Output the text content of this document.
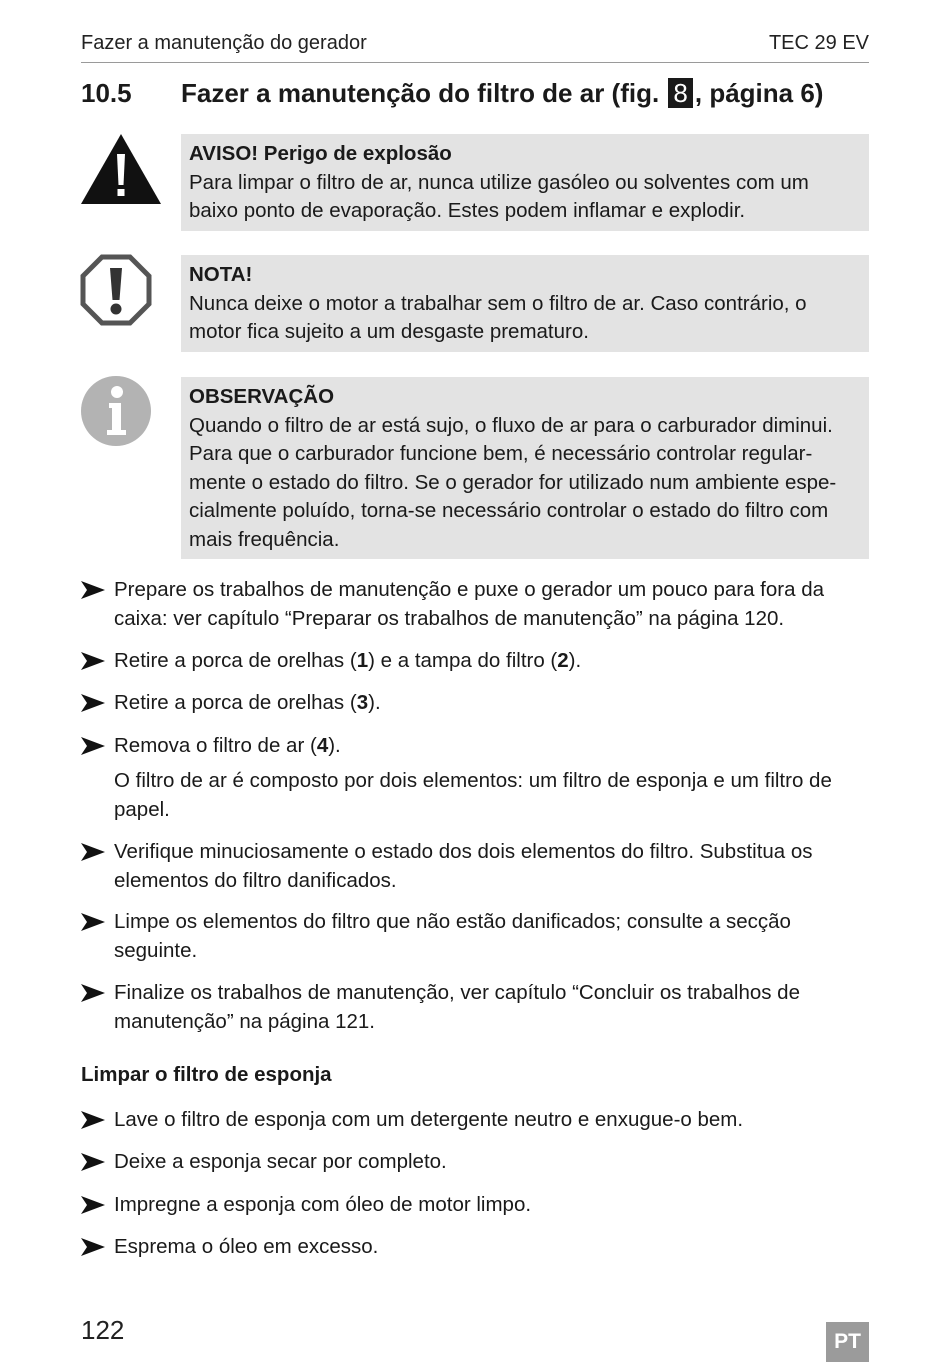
Fazer a manutenção do gerador	TEC 29 EV
10.5 Fazer a manutenção do filtro de ar (fig. 8 , página 6)
AVISO! Perigo de explosão
Para limpar o filtro de ar, nunca utilize gasóleo ou solventes com um
baixo ponto de evaporação. Estes podem inflamar e explodir.
NOTA!
Nunca deixe o motor a trabalhar sem o filtro de ar. Caso contrário, o
motor fica sujeito a um desgaste prematuro.
OBSERVAÇÃO
Quando o filtro de ar está sujo, o fluxo de ar para o carburador diminui.
Para que o carburador funcione bem, é necessário controlar regular-
mente o estado do filtro. Se o gerador for utilizado num ambiente espe-
cialmente poluído, torna-se necessário controlar o estado do filtro com
mais frequência.
Prepare os trabalhos de manutenção e puxe o gerador um pouco para fora da
caixa: ver capítulo “Preparar os trabalhos de manutenção” na página 120.
Retire a porca de orelhas (1) e a tampa do filtro (2).
Retire a porca de orelhas (3).
Remova o filtro de ar (4).
O filtro de ar é composto por dois elementos: um filtro de esponja e um filtro de
papel.
Verifique minuciosamente o estado dos dois elementos do filtro. Substitua os
elementos do filtro danificados.
Limpe os elementos do filtro que não estão danificados; consulte a secção
seguinte.
Finalize os trabalhos de manutenção, ver capítulo “Concluir os trabalhos de
manutenção” na página 121.
Limpar o filtro de esponja
Lave o filtro de esponja com um detergente neutro e enxugue-o bem.
Deixe a esponja secar por completo.
Impregne a esponja com óleo de motor limpo.
Esprema o óleo em excesso.
122	PT
